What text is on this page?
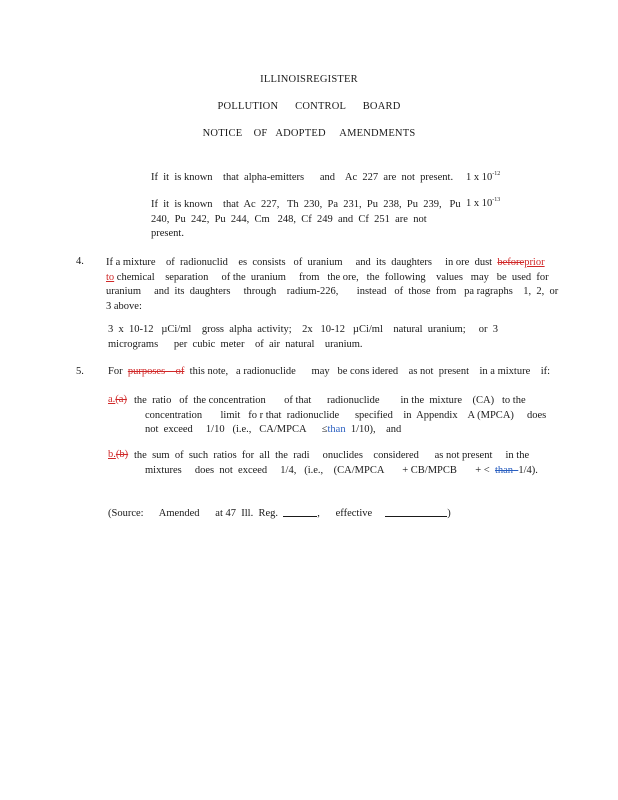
ILLINOISREGISTER
POLLUTION      CONTROL      BOARD
NOTICE    OF   ADOPTED     AMENDMENTS
If  it  is known    that  alpha-emitters      and    Ac  227  are  not  present. 1 x $10^{-12}$
If  it  is known    that  Ac  227,   Th  230,  Pa  231,  Pu  238,  Pu  239,   Pu
240,  Pu  242,  Pu  244,  Cm   248,  Cf  249  and  Cf  251  are  not
present.
1 x $10^{-13}$
4. If a mixture    of  radionuclid    es  consists   of  uranium     and  its  daughters     in ore  dust beforeprior
to chemical    separation     of the  uranium     from   the ore,   the  following    values   may   be  used  for
uranium     and  its  daughters     through    radium-226,       instead   of  those  from   pa ragraphs    1,  2,  or
3 above:
3  x  10-12   µCi/ml    gross  alpha  activity;    2x   10-12   µCi/ml    natural  uranium;     or  3
micrograms      per  cubic  meter    of  air  natural    uranium.
5. For purposes    of this note,   a radionuclide      may   be cons idered    as not  present    in a mixture    if:
a.(a) the  ratio   of  the concentration       of that      radionuclide        in the  mixture    (CA)   to the
concentration       limit   fo r that  radionuclide      specified    in  Appendix    A (MPCA)     does
not  exceed     1/10   (i.e.,   CA/MPCA      ≤than  1/10),    and
b.(b) the  sum  of  such  ratios  for  all  the  radi     onuclides    considered      as not present     in the
mixtures     does  not  exceed     1/4,   (i.e.,    (CA/MPCA       + CB/MPCB       + < than 1/4).
(Source:      Amended      at 47  Ill.  Reg.	,      effective	)
